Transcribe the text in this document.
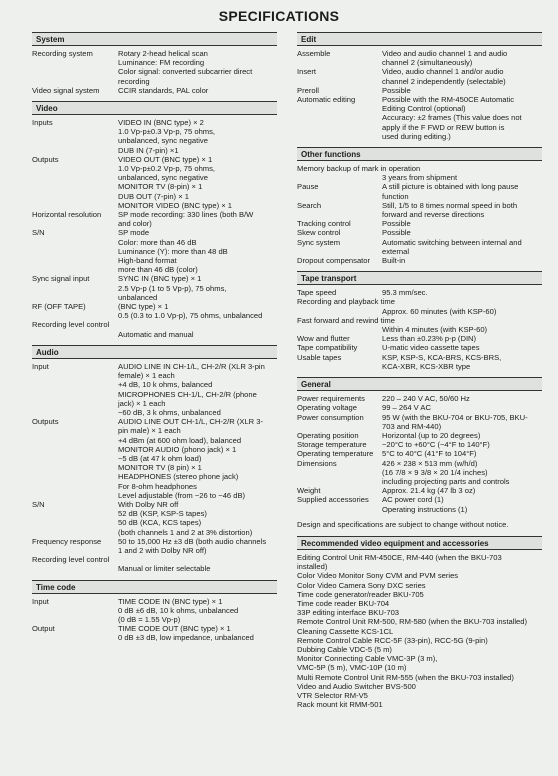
SPECIFICATIONS
System
Recording system	Rotary 2-head helical scan
Luminance: FM recording
Color signal: converted subcarrier direct
recording
Video signal system	CCIR standards, PAL color
Video
Inputs	VIDEO IN (BNC type) × 2
1.0 Vp-p±0.3 Vp-p, 75 ohms,
unbalanced, sync negative
DUB IN (7-pin) ×1
Outputs	VIDEO OUT (BNC type) × 1
1.0 Vp-p±0.2 Vp-p, 75 ohms,
unbalanced, sync negative
MONITOR TV (8-pin) × 1
DUB OUT (7-pin) × 1
MONITOR VIDEO (BNC type) × 1
Horizontal resolution	SP mode recording: 330 lines (both B/W
and color)
S/N	SP mode
Color: more than 46 dB
Luminance (Y): more than 48 dB
High-band format
more than 46 dB (color)
Sync signal input	SYNC IN (BNC type) × 1
2.5 Vp-p (1 to 5 Vp-p), 75 ohms,
unbalanced
RF (OFF TAPE)	(BNC type) × 1
0.5 (0.3 to 1.0 Vp-p), 75 ohms, unbalanced
Recording level control

Automatic and manual
Audio
Input	AUDIO LINE IN CH-1/L, CH-2/R (XLR 3-pin
female) × 1 each
+4 dB, 10 k ohms, balanced
MICROPHONES CH-1/L, CH-2/R (phone
jack) × 1 each
−60 dB, 3 k ohms, unbalanced
Outputs	AUDIO LINE OUT CH-1/L, CH-2/R (XLR 3-
pin male) × 1 each
+4 dBm (at 600 ohm load), balanced
MONITOR AUDIO (phono jack) × 1
−5 dB (at 47 k ohm load)
MONITOR TV (8 pin) × 1
HEADPHONES (stereo phone jack)
For 8-ohm headphones
Level adjustable (from −26 to −46 dB)
S/N	With Dolby NR off
52 dB (KSP, KSP-S tapes)
50 dB (KCA, KCS tapes)
(both channels 1 and 2 at 3% distortion)
Frequency response	50 to 15,000 Hz ±3 dB (both audio channels
1 and 2 with Dolby NR off)
Recording level control

Manual or limiter selectable
Time code
Input	TIME CODE IN (BNC type) × 1
0 dB ±6 dB, 10 k ohms, unbalanced
(0 dB = 1.55 Vp-p)
Output	TIME CODE OUT (BNC type) × 1
0 dB ±3 dB, low impedance, unbalanced
Edit
Assemble	Video and audio channel 1 and audio
channel 2 (simultaneously)
Insert	Video, audio channel 1 and/or audio
channel 2 independently (selectable)
Preroll	Possible
Automatic editing	Possible with the RM-450CE Automatic
Editing Control (optional)
Accuracy: ±2 frames (This value does not
apply if the F FWD or REW button is
used during editing.)
Other functions
Memory backup of mark in operation
3 years from shipment
Pause	A still picture is obtained with long pause
function
Search	Still, 1/5 to 8 times normal speed in both
forward and reverse directions
Tracking control	Possible
Skew control	Possible
Sync system	Automatic switching between internal and
external
Dropout compensator	Built-in
Tape transport
Tape speed	95.3 mm/sec.
Recording and playback time
Approx. 60 minutes (with KSP-60)
Fast forward and rewind time
Within 4 minutes (with KSP-60)
Wow and flutter	Less than ±0.23% p-p (DIN)
Tape compatibility	U-matic video cassette tapes
Usable tapes	KSP, KSP-S, KCA-BRS, KCS-BRS,
KCA-XBR, KCS-XBR type
General
Power requirements	220 – 240 V AC, 50/60 Hz
Operating voltage	99 – 264 V AC
Power consumption	95 W (with the BKU-704 or BKU-705, BKU-
703 and RM-440)
Operating position	Horizontal (up to 20 degrees)
Storage temperature	−20°C to +60°C (−4°F to 140°F)
Operating temperature	5°C to 40°C (41°F to 104°F)
Dimensions	426 × 238 × 513 mm (w/h/d)
(16 7/8 × 9 3/8 × 20 1/4 inches)
including projecting parts and controls
Weight	Approx. 21.4 kg (47 lb 3 oz)
Supplied accessories	AC power cord (1)
Operating instructions (1)
Design and specifications are subject to change without notice.
Recommended video equipment and accessories
Editing Control Unit RM-450CE, RM-440 (when the BKU-703
installed)
Color Video Monitor Sony CVM and PVM series
Color Video Camera Sony DXC series
Time code generator/reader BKU-705
Time code reader BKU-704
33P editing interface BKU-703
Remote Control Unit RM-500, RM-580 (when the BKU-703 installed)
Cleaning Cassette KCS-1CL
Remote Control Cable RCC-5F (33-pin), RCC-5G (9-pin)
Dubbing Cable VDC-5 (5 m)
Monitor Connecting Cable VMC-3P (3 m),
VMC-5P (5 m), VMC-10P (10 m)
Multi Remote Control Unit RM-555 (when the BKU-703 installed)
Video and Audio Switcher BVS-500
VTR Selector RM-V5
Rack mount kit RMM-501
